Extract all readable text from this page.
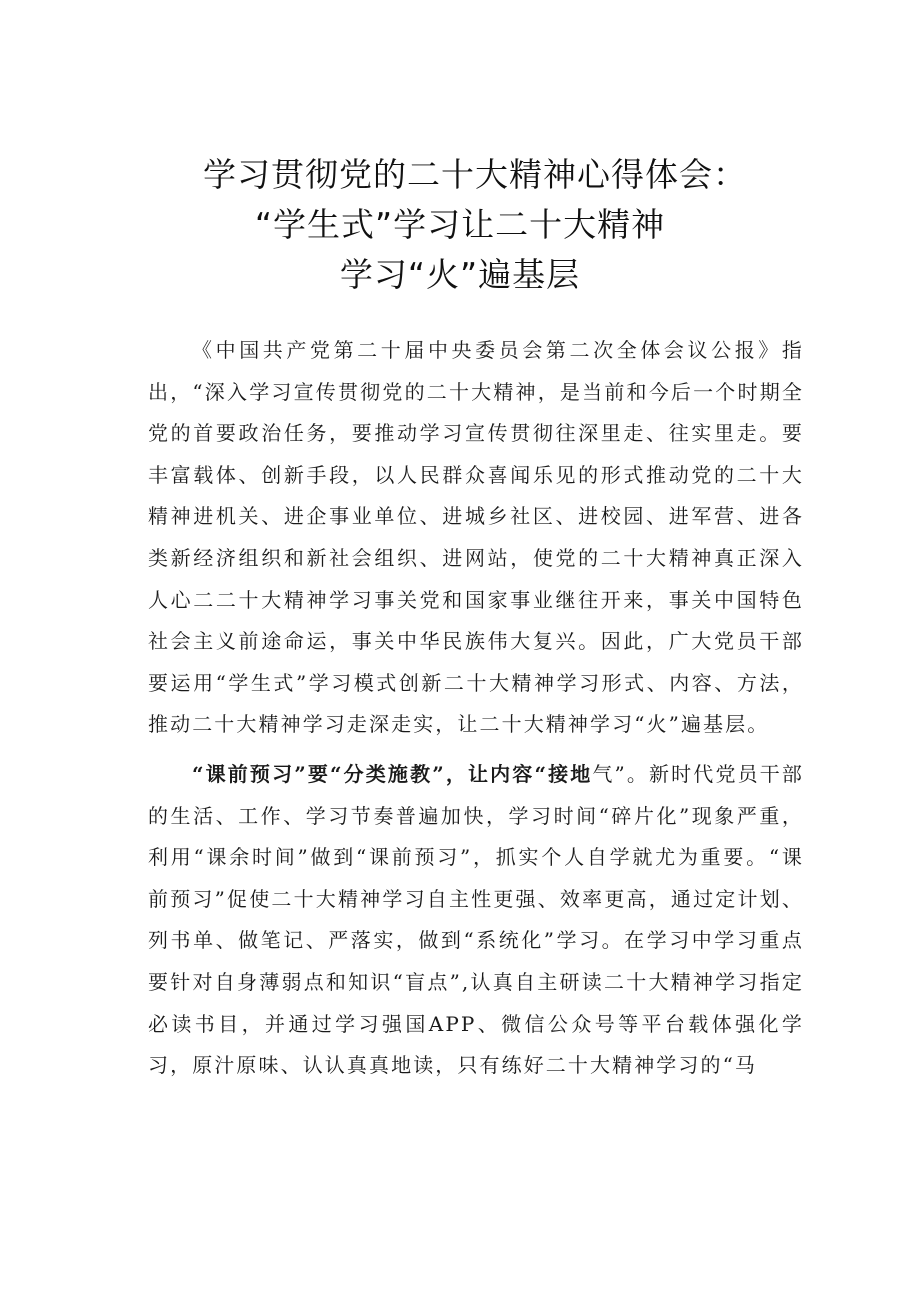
学习贯彻党的二十大精神心得体会：
“学生式”学习让二十大精神
学习“火”遍基层

《中国共产党第二十届中央委员会第二次全体会议公报》指出，“深入学习宣传贯彻党的二十大精神，是当前和今后一个时期全党的首要政治任务，要推动学习宣传贯彻往深里走、往实里走。要丰富载体、创新手段，以人民群众喜闻乐见的形式推动党的二十大精神进机关、进企事业单位、进城乡社区、进校园、进军营、进各类新经济组织和新社会组织、进网站，使党的二十大精神真正深入人心二二十大精神学习事关党和国家事业继往开来，事关中国特色社会主义前途命运，事关中华民族伟大复兴。因此，广大党员干部要运用“学生式”学习模式创新二十大精神学习形式、内容、方法，推动二十大精神学习走深走实，让二十大精神学习“火”遍基层。

“课前预习”要“分类施教”，让内容“接地气”。新时代党员干部的生活、工作、学习节奏普遍加快，学习时间“碎片化”现象严重，利用“课余时间”做到“课前预习”，抓实个人自学就尤为重要。“课前预习”促使二十大精神学习自主性更强、效率更高，通过定计划、列书单、做笔记、严落实，做到“系统化”学习。在学习中学习重点要针对自身薄弱点和知识“盲点”,认真自主研读二十大精神学习指定必读书目，并通过学习强国APP、微信公众号等平台载体强化学习，原汁原味、认认真真地读，只有练好二十大精神学习的“马
